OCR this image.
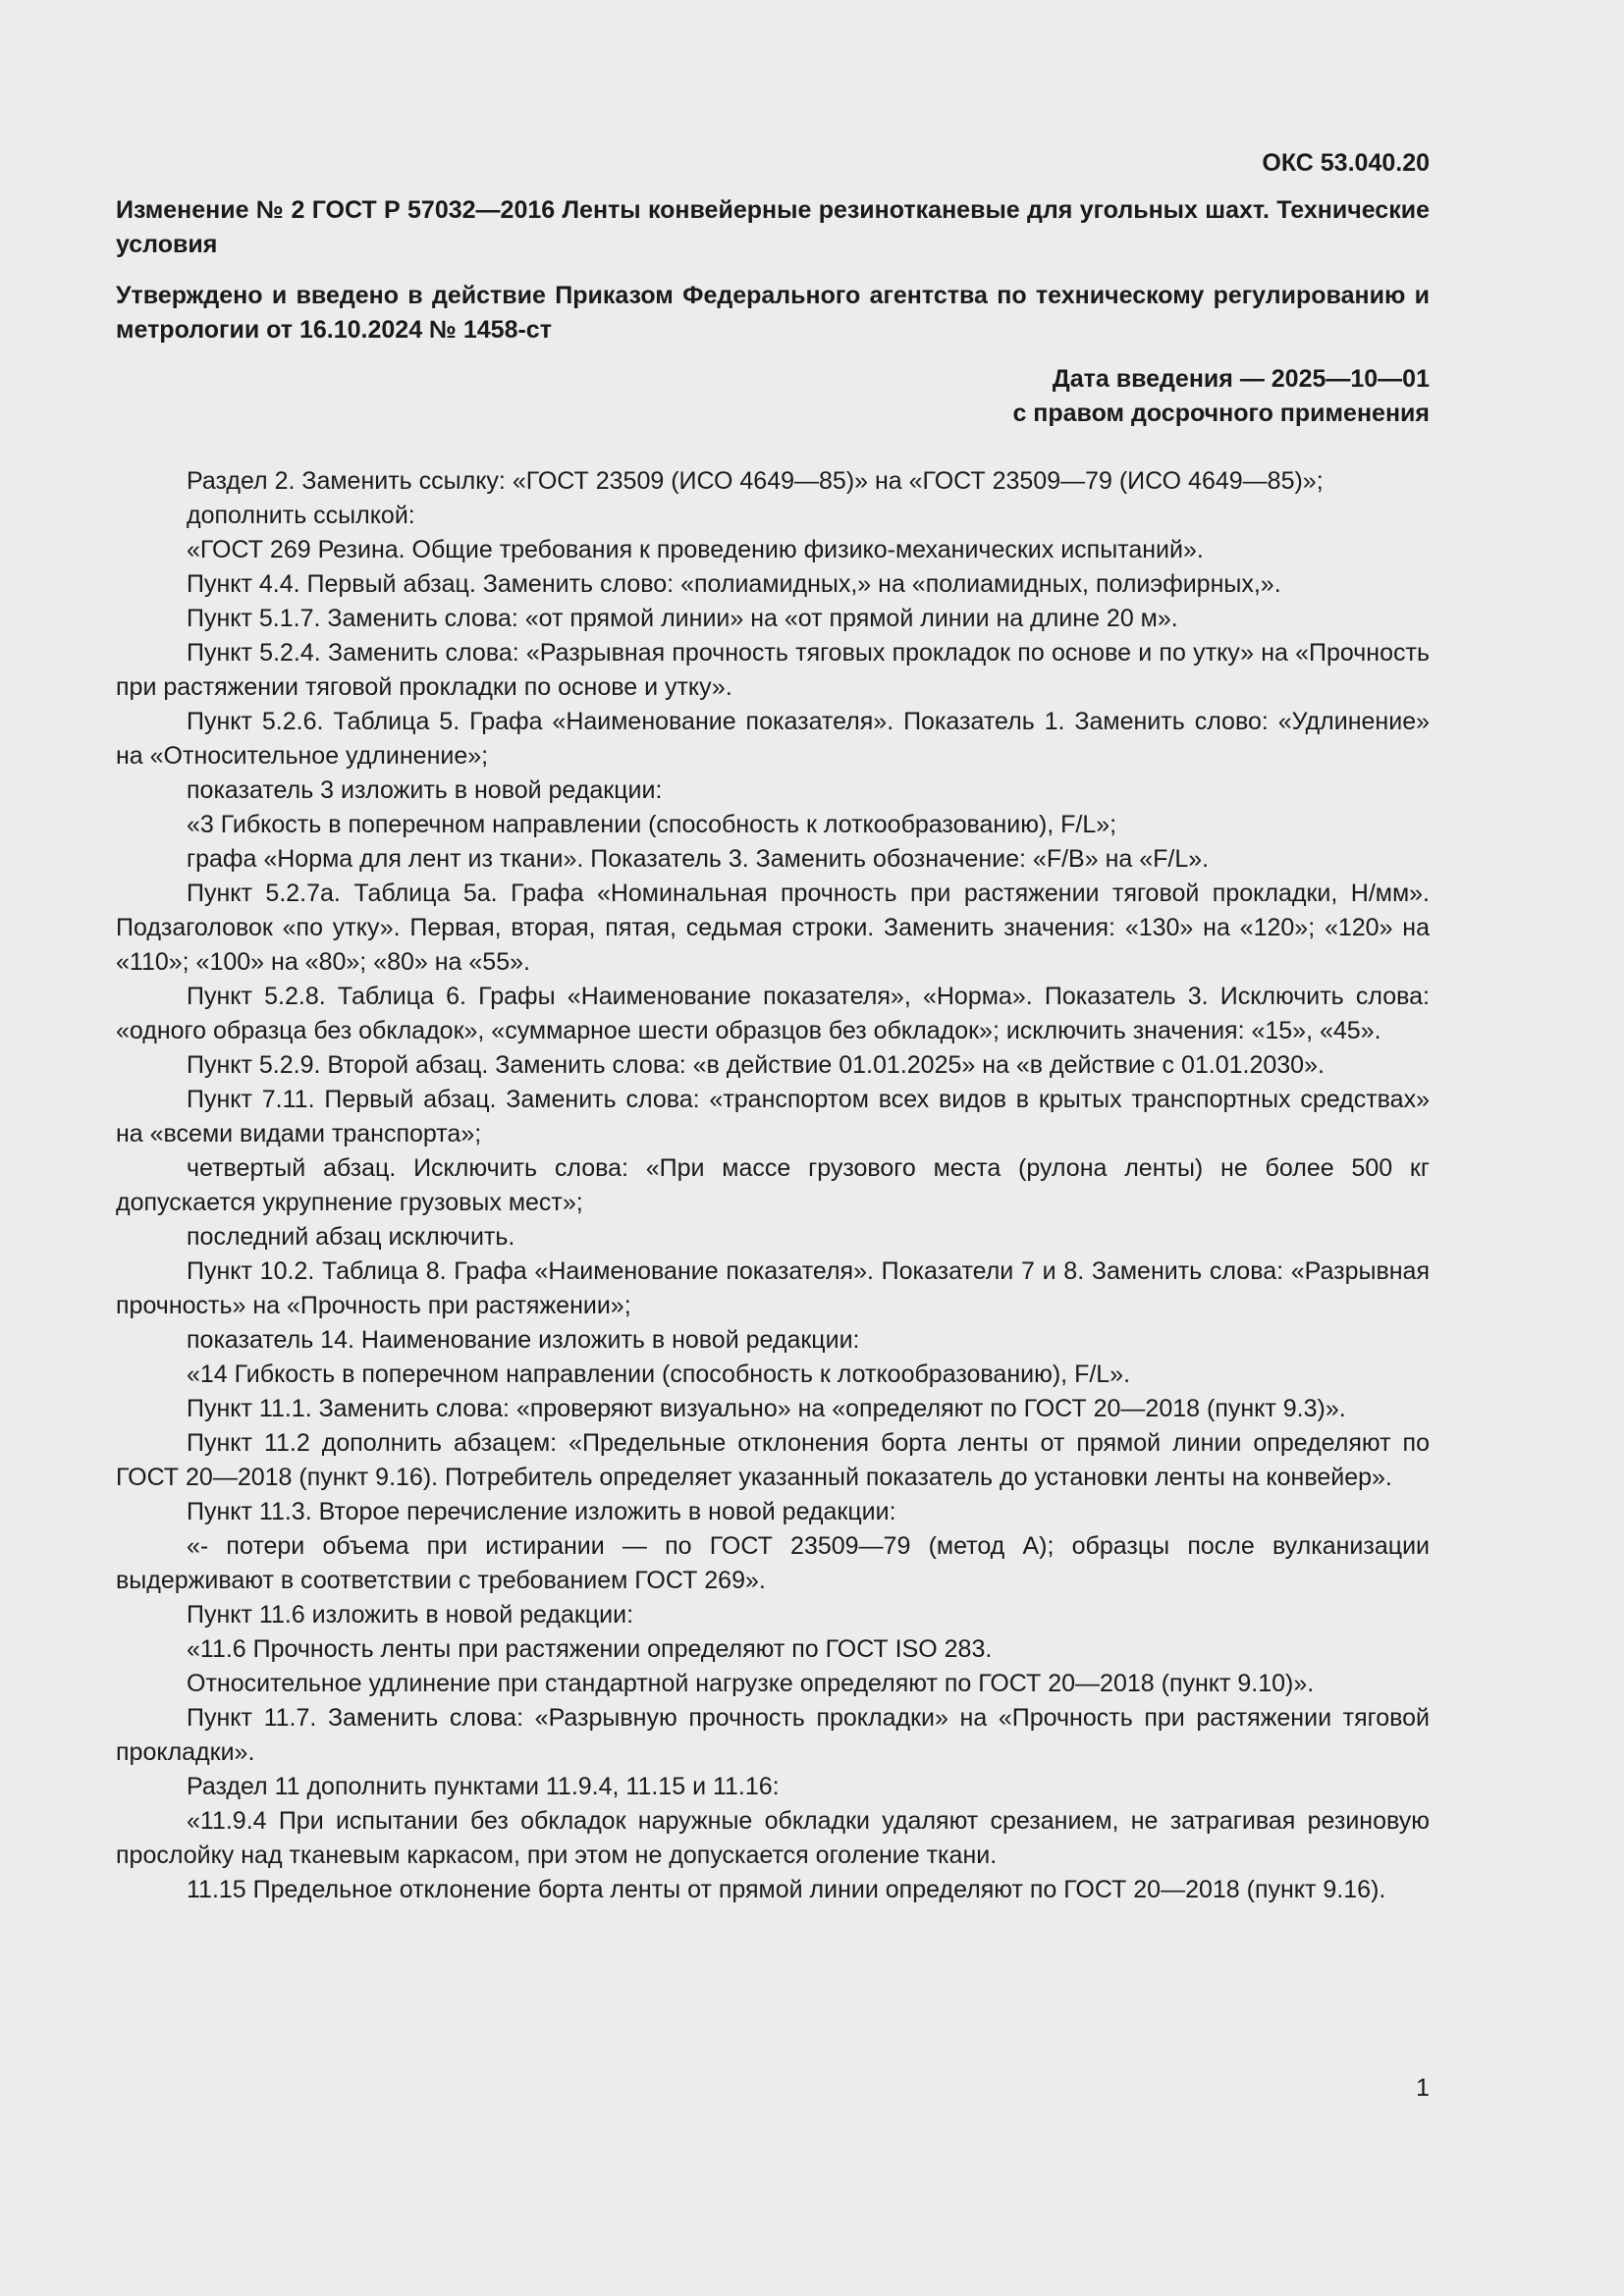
ОКС 53.040.20
Изменение № 2 ГОСТ Р 57032—2016 Ленты конвейерные резинотканевые для угольных шахт. Технические условия
Утверждено и введено в действие Приказом Федерального агентства по техническому регулированию и метрологии от 16.10.2024 № 1458-ст
Дата введения — 2025—10—01
с правом досрочного применения

Раздел 2. Заменить ссылку: «ГОСТ 23509 (ИСО 4649—85)» на «ГОСТ 23509—79 (ИСО 4649—85)»;

дополнить ссылкой:

«ГОСТ 269 Резина. Общие требования к проведению физико-механических испытаний».

Пункт 4.4. Первый абзац. Заменить слово: «полиамидных,» на «полиамидных, полиэфирных,».

Пункт 5.1.7. Заменить слова: «от прямой линии» на «от прямой линии на длине 20 м».

Пункт 5.2.4. Заменить слова: «Разрывная прочность тяговых прокладок по основе и по утку» на «Прочность при растяжении тяговой прокладки по основе и утку».

Пункт 5.2.6. Таблица 5. Графа «Наименование показателя». Показатель 1. Заменить слово: «Удлинение» на «Относительное удлинение»;

показатель 3 изложить в новой редакции:

«3 Гибкость в поперечном направлении (способность к лоткообразованию), F/L»;

графа «Норма для лент из ткани». Показатель 3. Заменить обозначение: «F/B» на «F/L».

Пункт 5.2.7а. Таблица 5а. Графа «Номинальная прочность при растяжении тяговой прокладки, Н/мм». Подзаголовок «по утку». Первая, вторая, пятая, седьмая строки. Заменить значения: «130» на «120»; «120» на «110»; «100» на «80»; «80» на «55».

Пункт 5.2.8. Таблица 6. Графы «Наименование показателя», «Норма». Показатель 3. Исключить слова: «одного образца без обкладок», «суммарное шести образцов без обкладок»; исключить значения: «15», «45».

Пункт 5.2.9. Второй абзац. Заменить слова: «в действие 01.01.2025» на «в действие с 01.01.2030».

Пункт 7.11. Первый абзац. Заменить слова: «транспортом всех видов в крытых транспортных средствах» на «всеми видами транспорта»;

четвертый абзац. Исключить слова: «При массе грузового места (рулона ленты) не более 500 кг допускается укрупнение грузовых мест»;

последний абзац исключить.

Пункт 10.2. Таблица 8. Графа «Наименование показателя». Показатели 7 и 8. Заменить слова: «Разрывная прочность» на «Прочность при растяжении»;

показатель 14. Наименование изложить в новой редакции:

«14 Гибкость в поперечном направлении (способность к лоткообразованию), F/L».

Пункт 11.1. Заменить слова: «проверяют визуально» на «определяют по ГОСТ 20—2018 (пункт 9.3)».

Пункт 11.2 дополнить абзацем: «Предельные отклонения борта ленты от прямой линии определяют по ГОСТ 20—2018 (пункт 9.16). Потребитель определяет указанный показатель до установки ленты на конвейер».

Пункт 11.3. Второе перечисление изложить в новой редакции:

«- потери объема при истирании — по ГОСТ 23509—79 (метод А); образцы после вулканизации выдерживают в соответствии с требованием ГОСТ 269».

Пункт 11.6 изложить в новой редакции:

«11.6 Прочность ленты при растяжении определяют по ГОСТ ISO 283.

Относительное удлинение при стандартной нагрузке определяют по ГОСТ 20—2018 (пункт 9.10)».

Пункт 11.7. Заменить слова: «Разрывную прочность прокладки» на «Прочность при растяжении тяговой прокладки».

Раздел 11 дополнить пунктами 11.9.4, 11.15 и 11.16:

«11.9.4 При испытании без обкладок наружные обкладки удаляют срезанием, не затрагивая резиновую прослойку над тканевым каркасом, при этом не допускается оголение ткани.

11.15 Предельное отклонение борта ленты от прямой линии определяют по ГОСТ 20—2018 (пункт 9.16).

1
